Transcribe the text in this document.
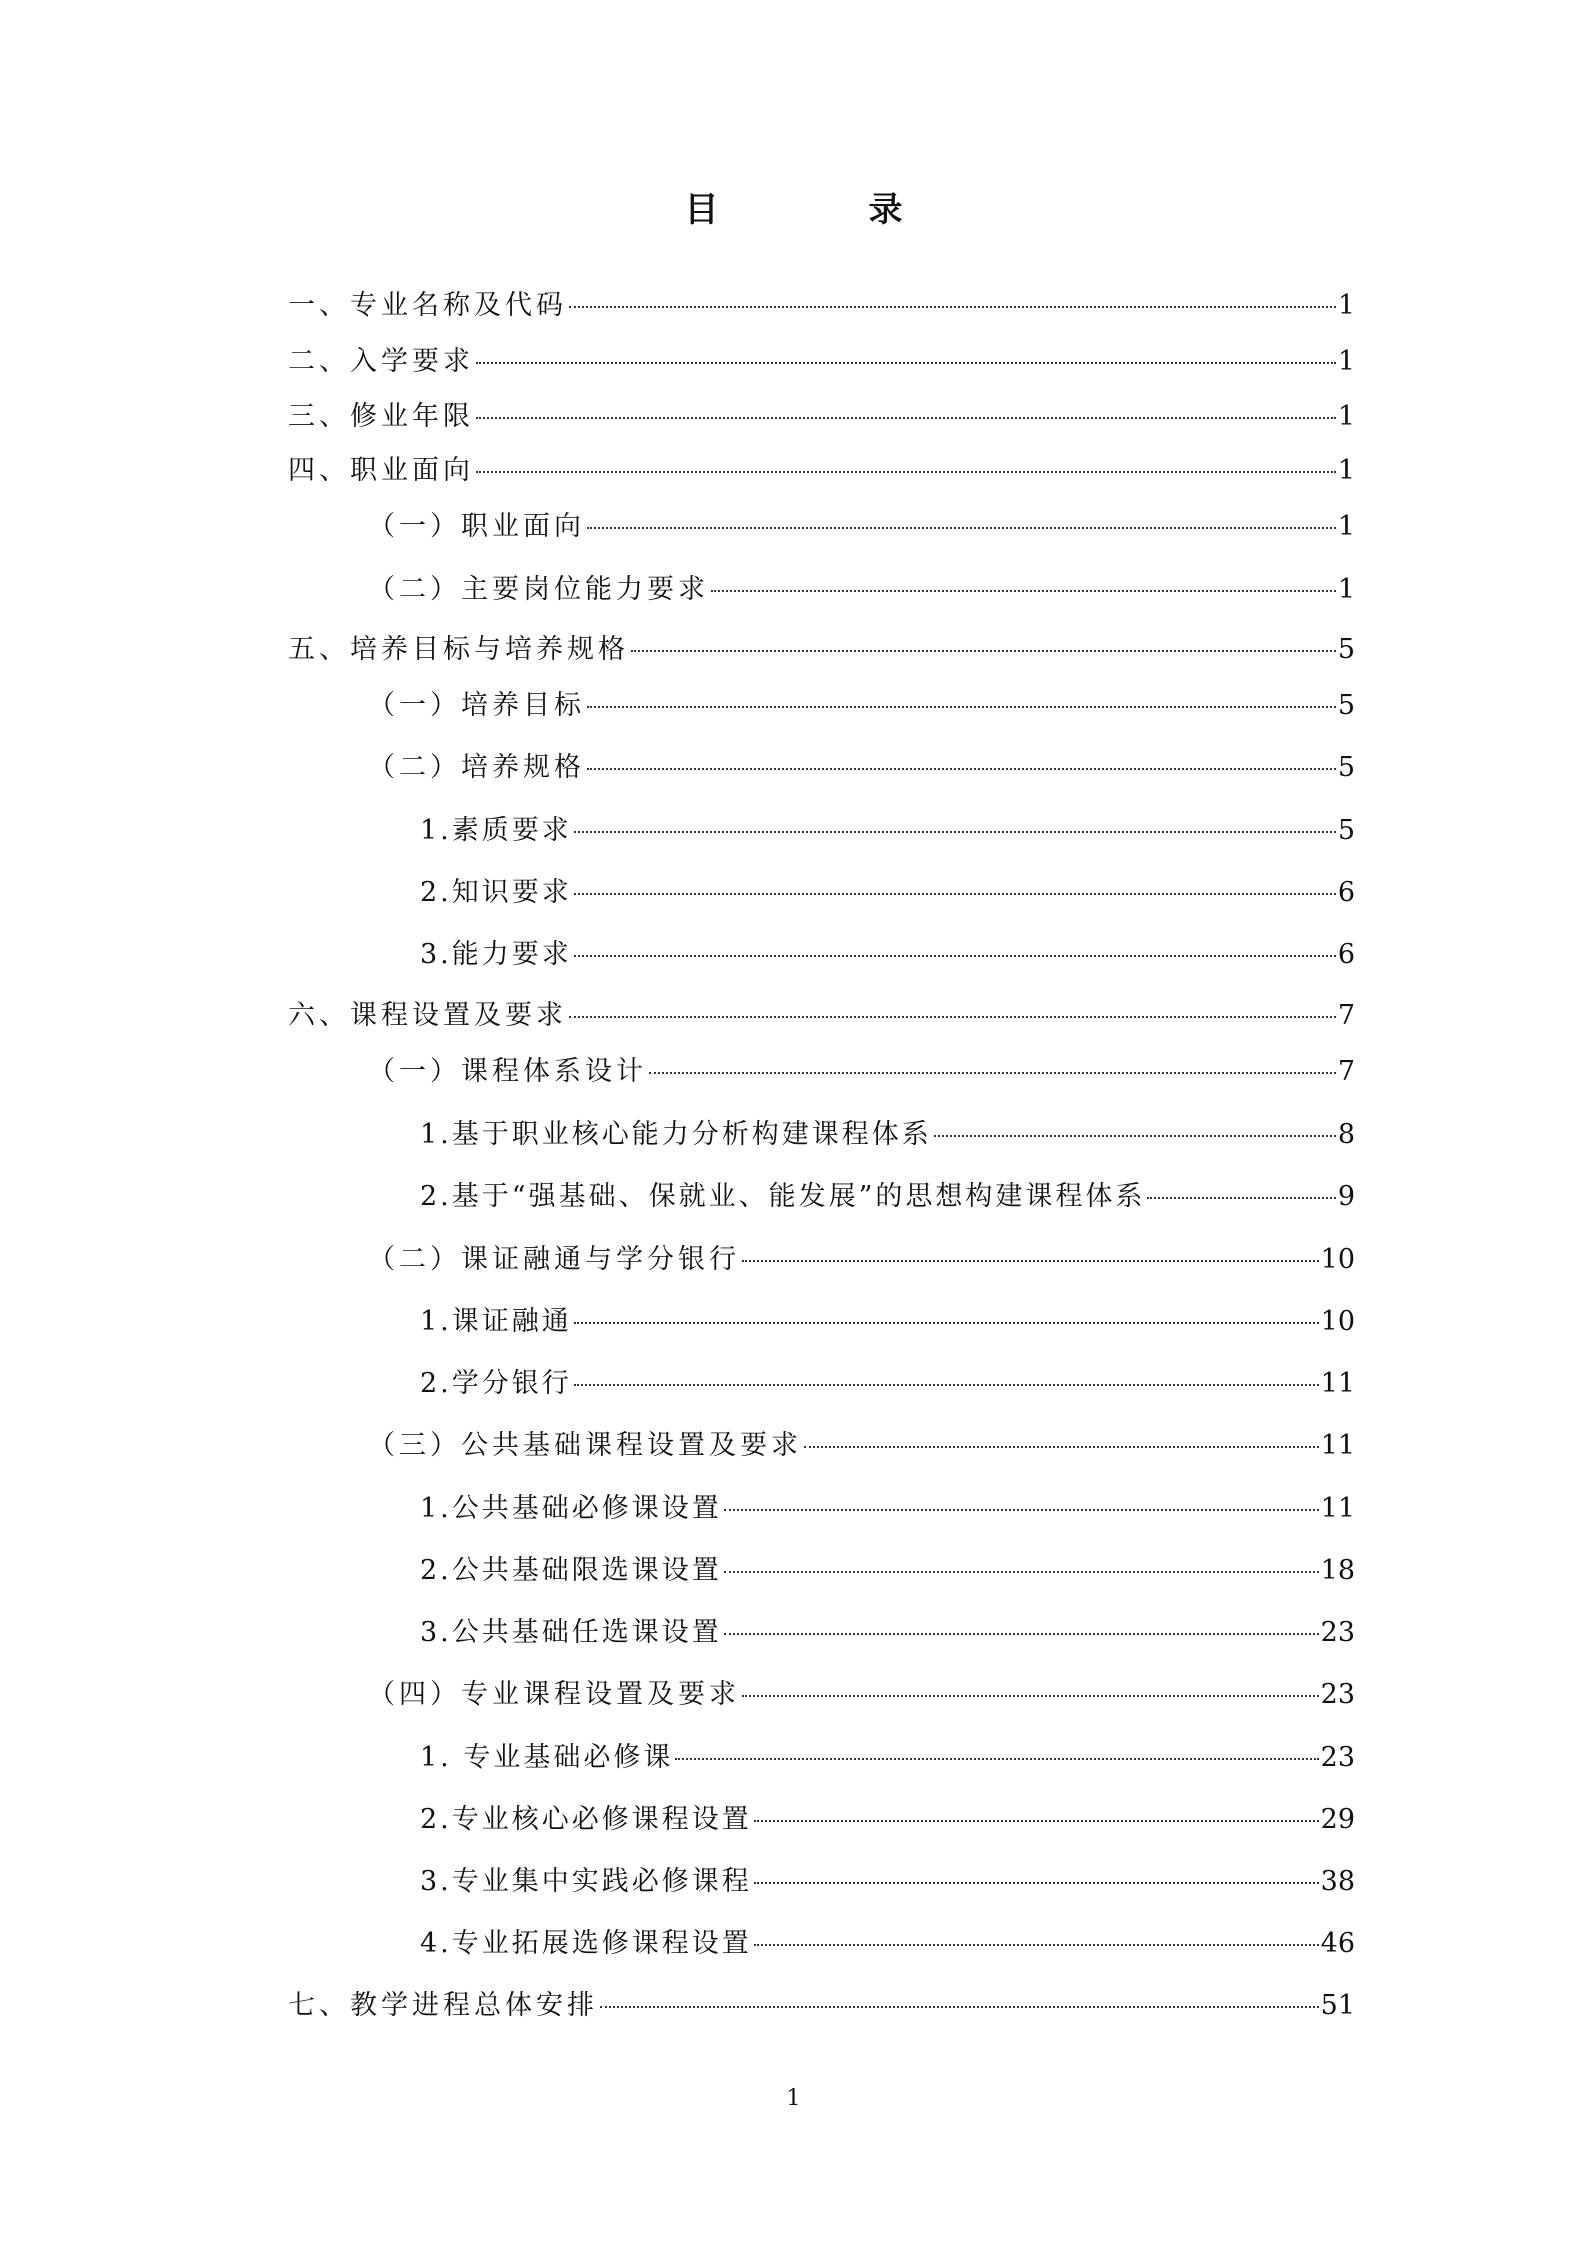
目　录
一、专业名称及代码	1
二、入学要求	1
三、修业年限	1
四、职业面向	1
（一）职业面向	1
（二）主要岗位能力要求	1
五、培养目标与培养规格	5
（一）培养目标	5
（二）培养规格	5
1.素质要求	5
2.知识要求	6
3.能力要求	6
六、课程设置及要求	7
（一）课程体系设计	7
1.基于职业核心能力分析构建课程体系	8
2.基于“强基础、保就业、能发展”的思想构建课程体系	9
（二）课证融通与学分银行	10
1.课证融通	10
2.学分银行	11
（三）公共基础课程设置及要求	11
1.公共基础必修课设置	11
2.公共基础限选课设置	18
3.公共基础任选课设置	23
（四）专业课程设置及要求	23
1. 专业基础必修课	23
2.专业核心必修课程设置	29
3.专业集中实践必修课程	38
4.专业拓展选修课程设置	46
七、教学进程总体安排	51
1
